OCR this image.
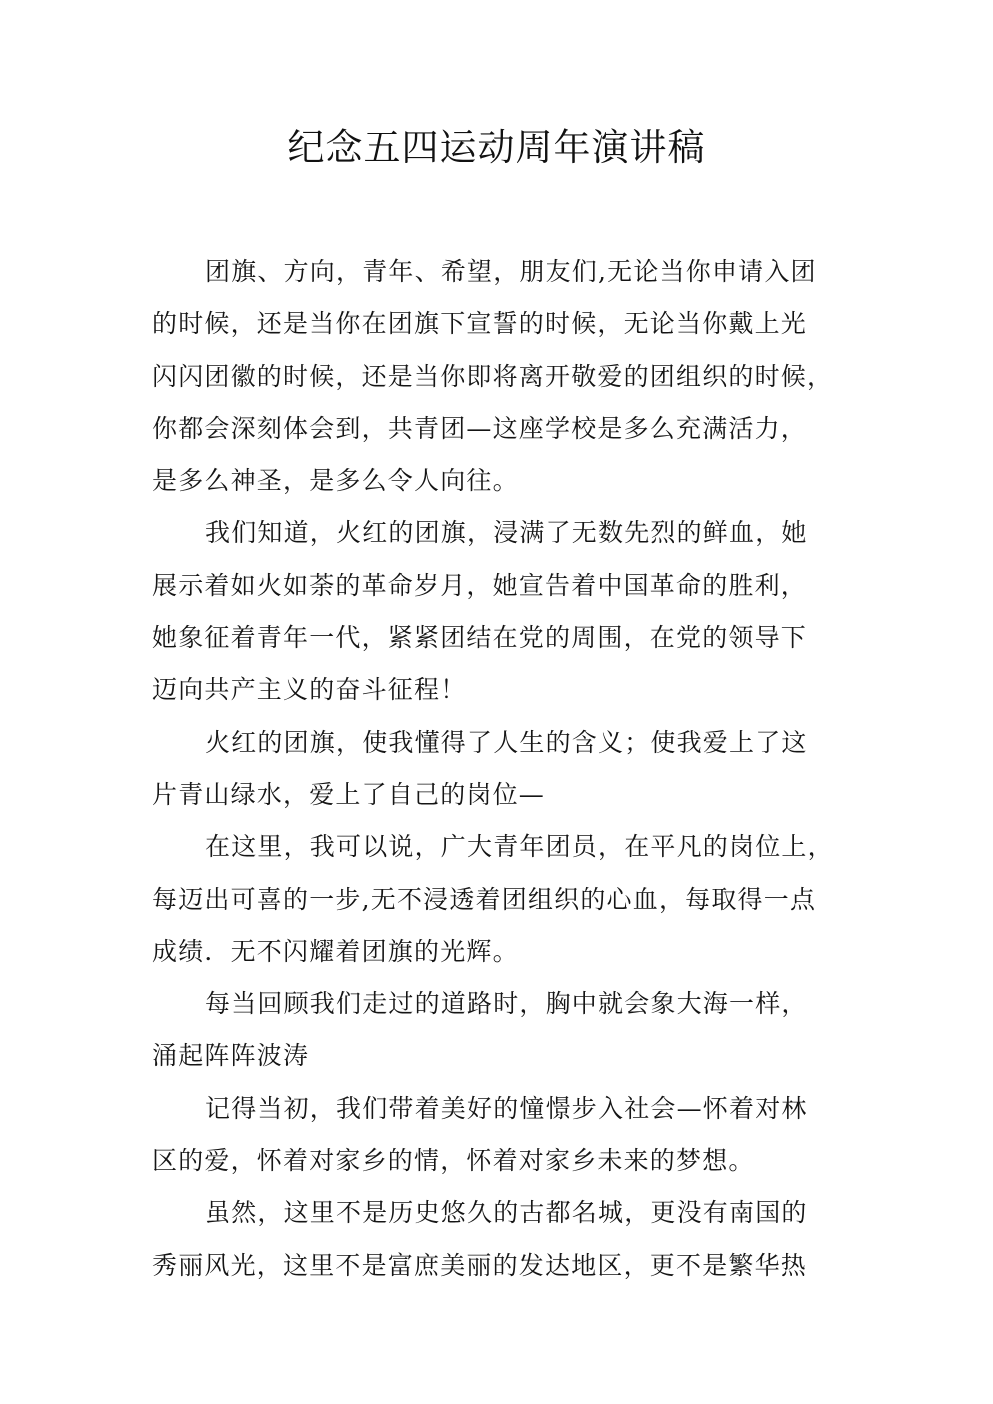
纪念五四运动周年演讲稿
团旗、方向，青年、希望，朋友们,无论当你申请入团
的时候，还是当你在团旗下宣誓的时候，无论当你戴上光
闪闪团徽的时候，还是当你即将离开敬爱的团组织的时候，
你都会深刻体会到，共青团—这座学校是多么充满活力，
是多么神圣，是多么令人向往。
我们知道，火红的团旗，浸满了无数先烈的鲜血，她
展示着如火如荼的革命岁月，她宣告着中国革命的胜利，
她象征着青年一代，紧紧团结在党的周围，在党的领导下
迈向共产主义的奋斗征程！
火红的团旗，使我懂得了人生的含义；使我爱上了这
片青山绿水，爱上了自己的岗位—
在这里，我可以说，广大青年团员，在平凡的岗位上，
每迈出可喜的一步,无不浸透着团组织的心血，每取得一点
成绩．无不闪耀着团旗的光辉。
每当回顾我们走过的道路时，胸中就会象大海一样，
涌起阵阵波涛
记得当初，我们带着美好的憧憬步入社会—怀着对林
区的爱，怀着对家乡的情，怀着对家乡未来的梦想。
虽然，这里不是历史悠久的古都名城，更没有南国的
秀丽风光，这里不是富庶美丽的发达地区，更不是繁华热
